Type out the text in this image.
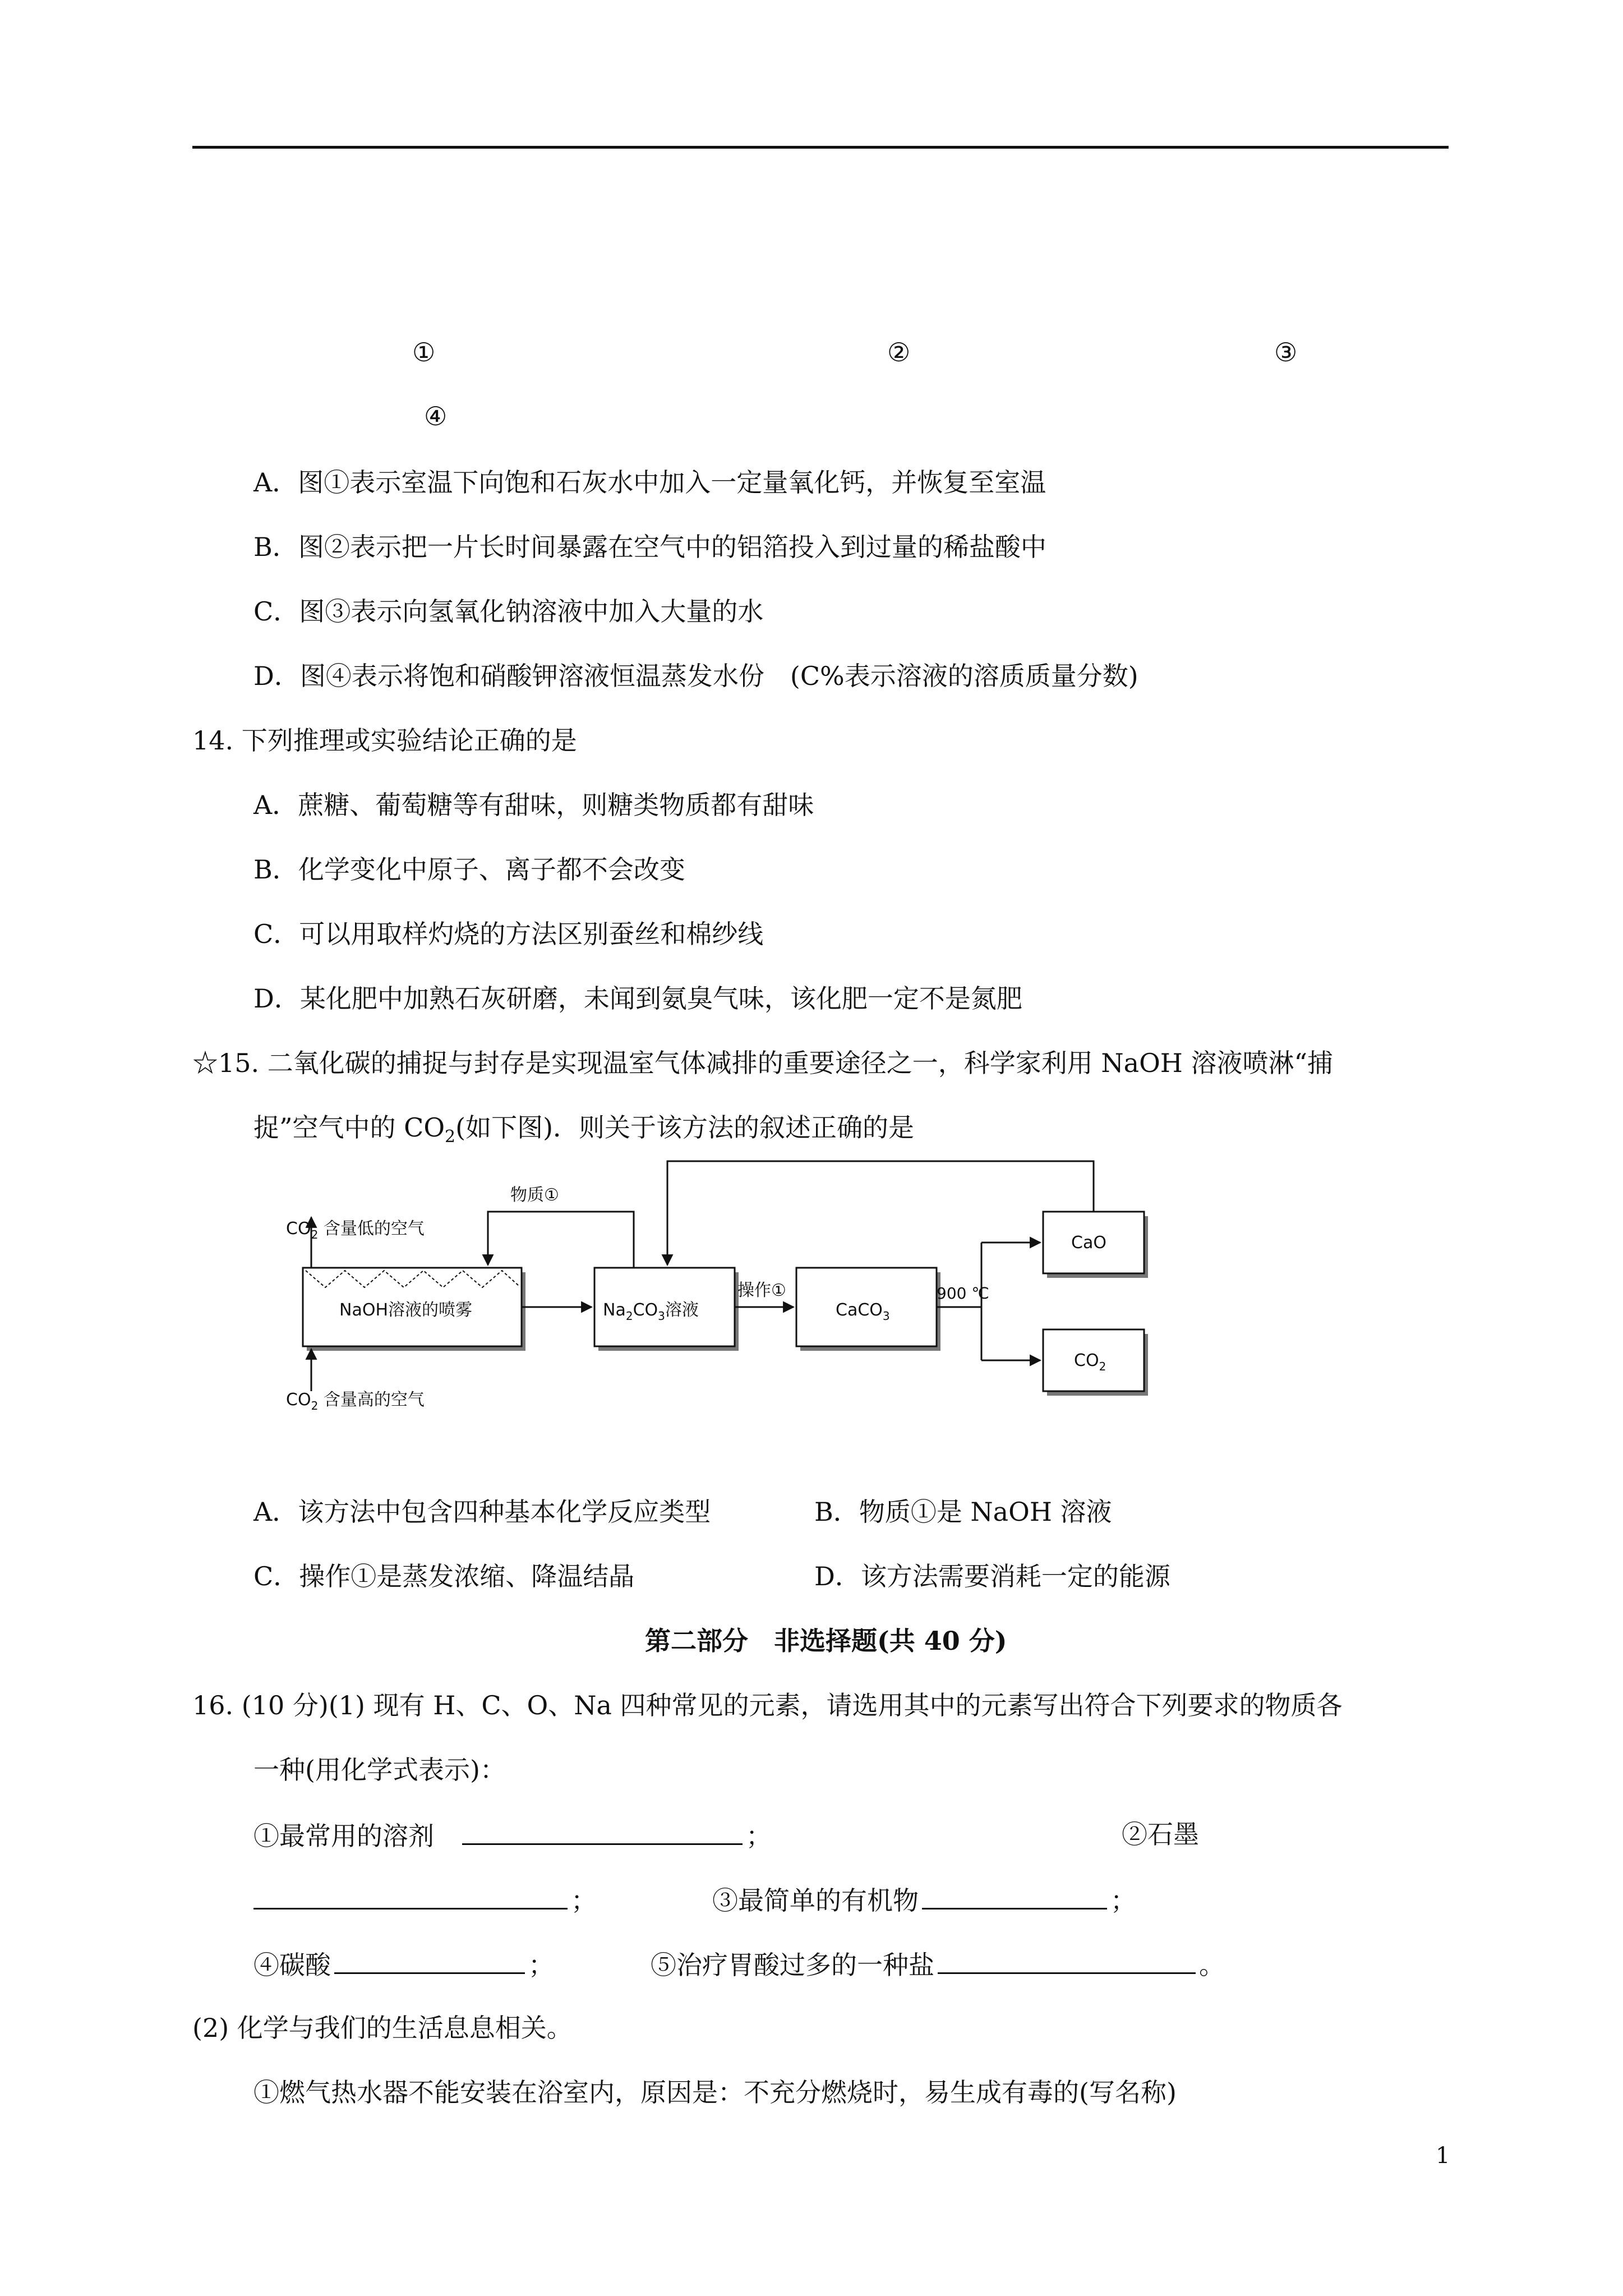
①	②	③
④
A．图①表示室温下向饱和石灰水中加入一定量氧化钙，并恢复至室温
B．图②表示把一片长时间暴露在空气中的铝箔投入到过量的稀盐酸中
C．图③表示向氢氧化钠溶液中加入大量的水
D．图④表示将饱和硝酸钾溶液恒温蒸发水份　(C%表示溶液的溶质质量分数)
14. 下列推理或实验结论正确的是
A．蔗糖、葡萄糖等有甜味，则糖类物质都有甜味
B．化学变化中原子、离子都不会改变
C．可以用取样灼烧的方法区别蚕丝和棉纱线
D．某化肥中加熟石灰研磨，未闻到氨臭气味，该化肥一定不是氮肥
☆15. 二氧化碳的捕捉与封存是实现温室气体减排的重要途径之一，科学家利用 NaOH 溶液喷淋“捕
捉”空气中的 $CO_2$(如下图)．则关于该方法的叙述正确的是
物质①
$CO_2$ 含量低的空气
$CO_2$ 含量高的空气
NaOH溶液的喷雾	$Na_2CO_3$溶液
操作①
CaCO$_3$
900 ℃
CaO
$CO_2$
A．该方法中包含四种基本化学反应类型	B．物质①是 NaOH 溶液
C．操作①是蒸发浓缩、降温结晶	D．该方法需要消耗一定的能源
第二部分　非选择题(共 40 分)
16. (10 分)(1) 现有 H、C、O、Na 四种常见的元素，请选用其中的元素写出符合下列要求的物质各
一种(用化学式表示)：
①最常用的溶剂	；	②石墨
；	③最简单的有机物	；
④碳酸	；	⑤治疗胃酸过多的一种盐	。
(2) 化学与我们的生活息息相关。
①燃气热水器不能安装在浴室内，原因是：不充分燃烧时，易生成有毒的(写名称)
1
